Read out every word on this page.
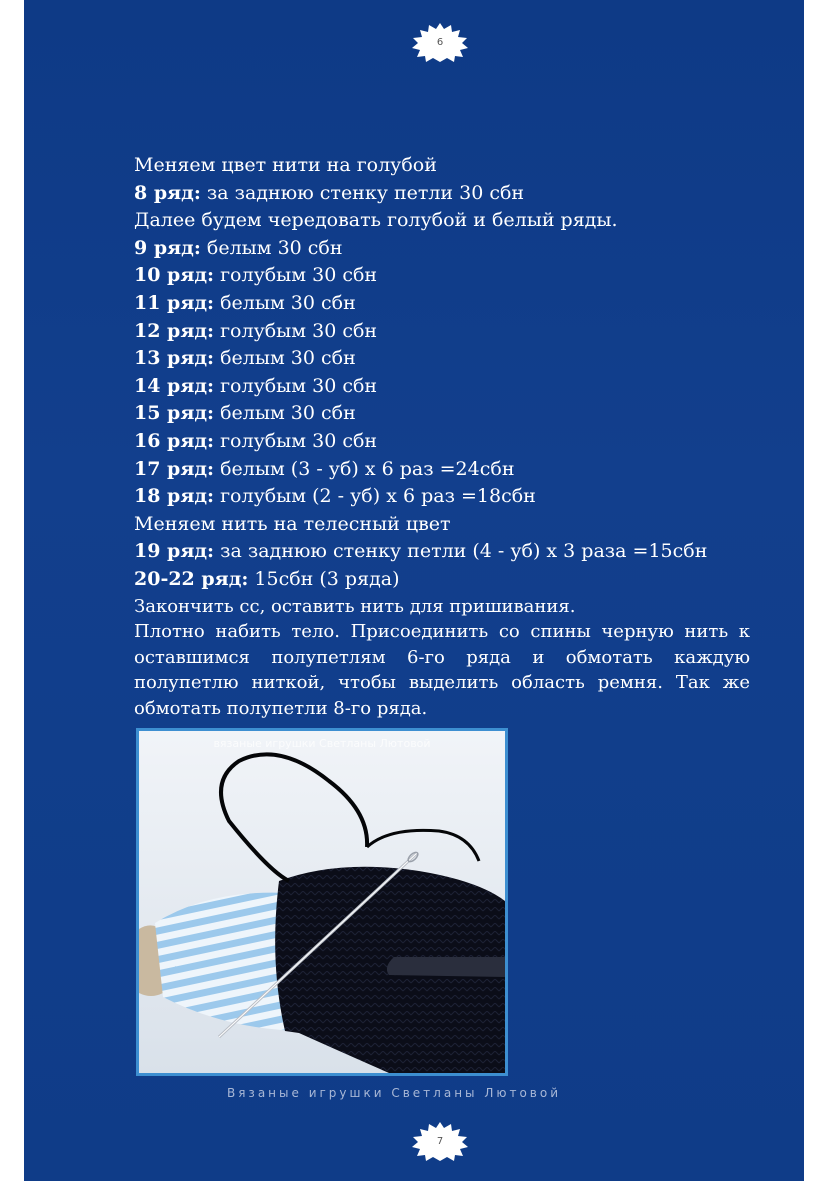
6
Меняем цвет нити на голубой
8 ряд: за заднюю стенку петли 30 сбн
Далее будем чередовать голубой и белый ряды.
9 ряд: белым 30 сбн
10 ряд: голубым 30 сбн
11 ряд: белым 30 сбн
12 ряд: голубым 30 сбн
13 ряд: белым 30 сбн
14 ряд: голубым 30 сбн
15 ряд: белым 30 сбн
16 ряд: голубым 30 сбн
17 ряд: белым (3 - уб) х 6 раз =24сбн
18 ряд: голубым (2 - уб) х 6 раз =18сбн
Меняем нить на телесный цвет
19 ряд: за заднюю стенку петли (4 - уб) х 3 раза =15сбн
20-22 ряд: 15сбн (3 ряда)
Закончить сс, оставить нить для пришивания.
Плотно набить тело. Присоединить со спины черную нить к оставшимся полупетлям 6-го ряда и обмотать каждую полупетлю ниткой, чтобы выделить область ремня. Так же обмотать полупетли 8-го ряда.
вязаные игрушки Светланы Лютовой
Вязаные игрушки Светланы Лютовой
7
